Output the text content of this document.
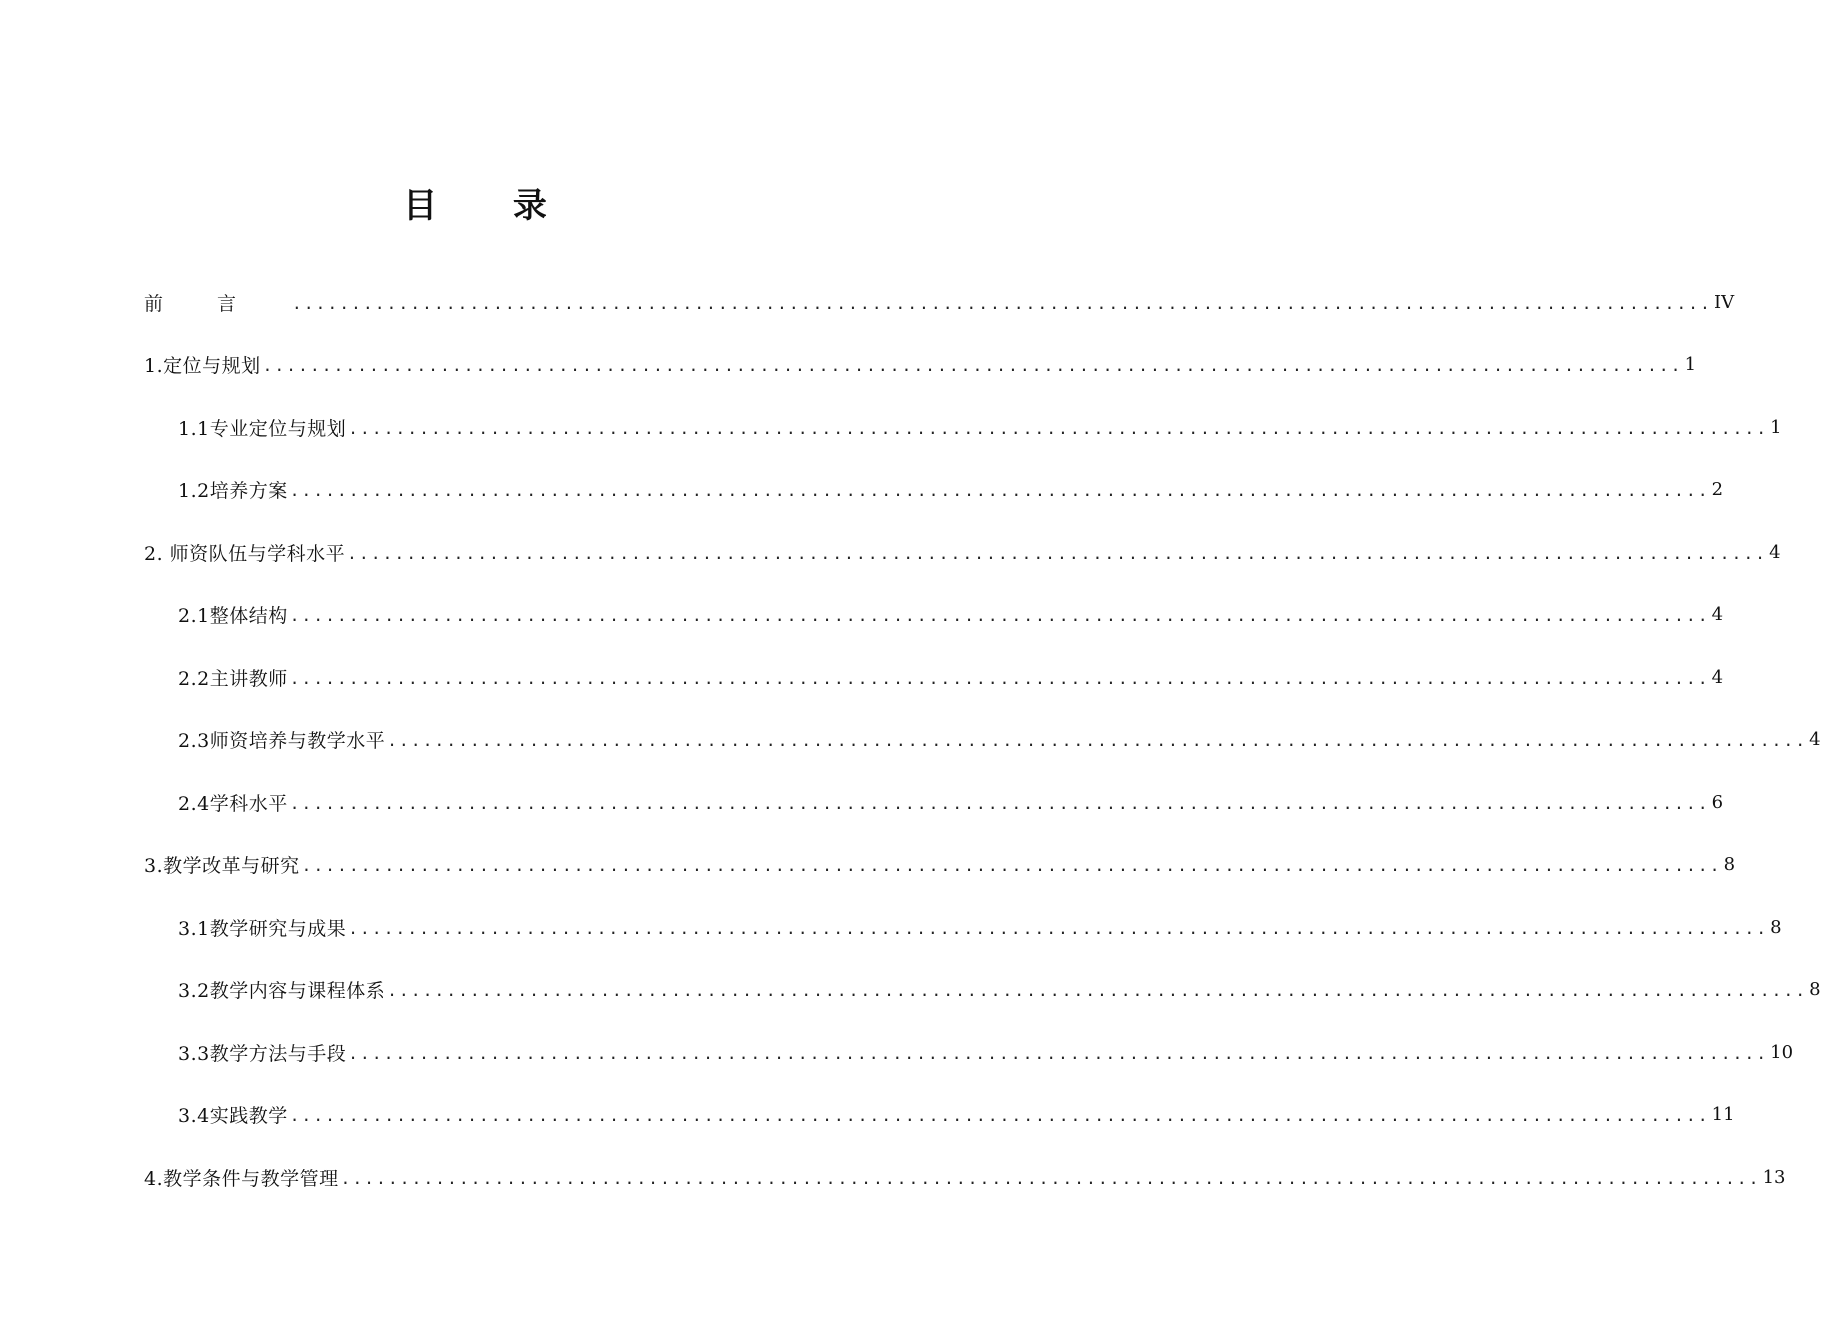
目 录
前言 ........................................................................................................................ IV
1.定位与规划 ........................................................................................................................ 1
1.1专业定位与规划 ........................................................................................................................ 1
1.2培养方案 ........................................................................................................................ 2
2. 师资队伍与学科水平 ........................................................................................................................ 4
2.1整体结构 ........................................................................................................................ 4
2.2主讲教师 ........................................................................................................................ 4
2.3师资培养与教学水平 ........................................................................................................................ 4
2.4学科水平 ........................................................................................................................ 6
3.教学改革与研究 ........................................................................................................................ 8
3.1教学研究与成果 ........................................................................................................................ 8
3.2教学内容与课程体系 ........................................................................................................................ 8
3.3教学方法与手段 ........................................................................................................................ 10
3.4实践教学 ........................................................................................................................ 11
4.教学条件与教学管理 ........................................................................................................................ 13
